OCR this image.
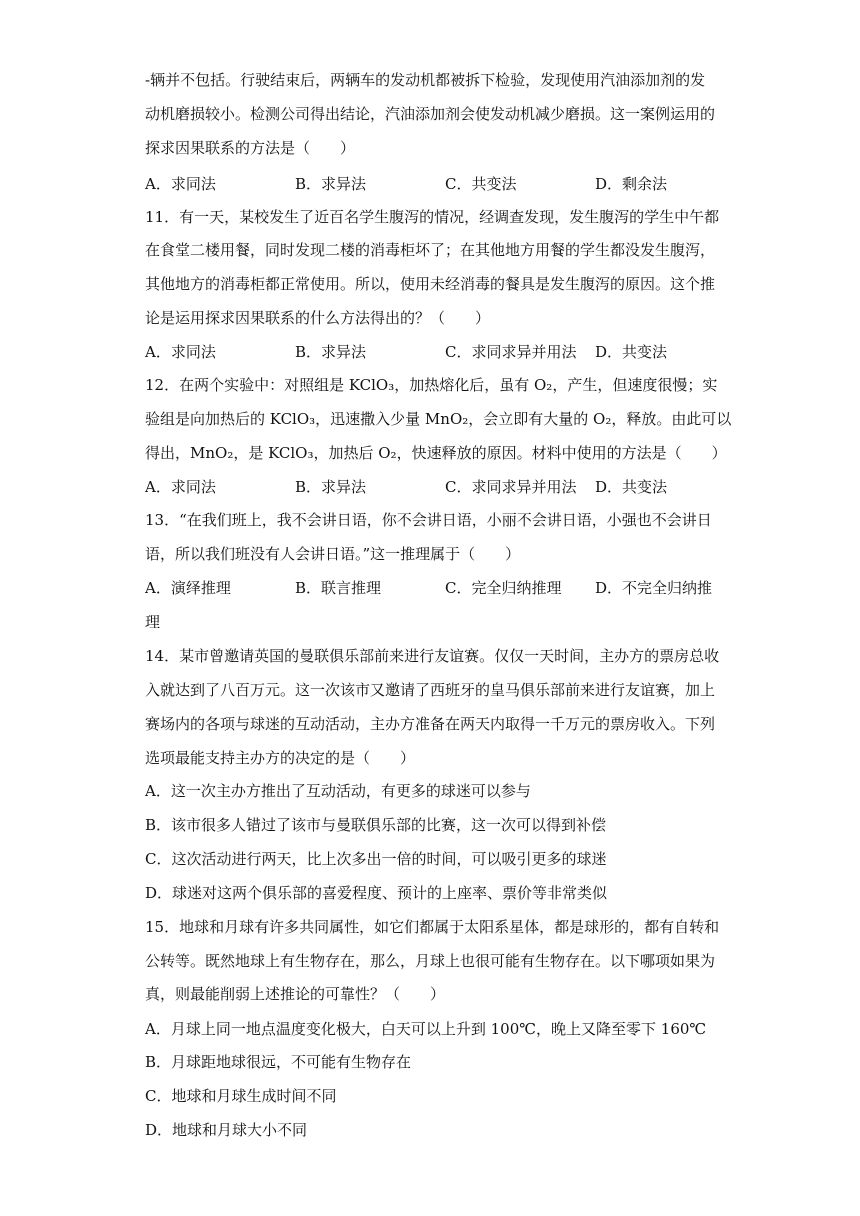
-辆并不包括。行驶结束后，两辆车的发动机都被拆下检验，发现使用汽油添加剂的发
动机磨损较小。检测公司得出结论，汽油添加剂会使发动机减少磨损。这一案例运用的
探求因果联系的方法是（　　）
A．求同法	B．求异法	C．共变法	D．剩余法
11．有一天，某校发生了近百名学生腹泻的情况，经调查发现，发生腹泻的学生中午都
在食堂二楼用餐，同时发现二楼的消毒柜坏了；在其他地方用餐的学生都没发生腹泻，
其他地方的消毒柜都正常使用。所以，使用未经消毒的餐具是发生腹泻的原因。这个推
论是运用探求因果联系的什么方法得出的？（　　）
A．求同法	B．求异法	C．求同求异并用法 D．共变法
12．在两个实验中：对照组是 KClO₃，加热熔化后，虽有 O₂，产生，但速度很慢；实
验组是向加热后的 KClO₃，迅速撒入少量 MnO₂，会立即有大量的 O₂，释放。由此可以
得出，MnO₂，是 KClO₃，加热后 O₂，快速释放的原因。材料中使用的方法是（　　）
A．求同法	B．求异法	C．求同求异并用法 D．共变法
13．“在我们班上，我不会讲日语，你不会讲日语，小丽不会讲日语，小强也不会讲日
语，所以我们班没有人会讲日语。”这一推理属于（　　）
A．演绎推理	B．联言推理	C．完全归纳推理 D．不完全归纳推
理
14．某市曾邀请英国的曼联俱乐部前来进行友谊赛。仅仅一天时间，主办方的票房总收
入就达到了八百万元。这一次该市又邀请了西班牙的皇马俱乐部前来进行友谊赛，加上
赛场内的各项与球迷的互动活动，主办方准备在两天内取得一千万元的票房收入。下列
选项最能支持主办方的决定的是（　　）
A．这一次主办方推出了互动活动，有更多的球迷可以参与
B．该市很多人错过了该市与曼联俱乐部的比赛，这一次可以得到补偿
C．这次活动进行两天，比上次多出一倍的时间，可以吸引更多的球迷
D．球迷对这两个俱乐部的喜爱程度、预计的上座率、票价等非常类似
15．地球和月球有许多共同属性，如它们都属于太阳系星体，都是球形的，都有自转和
公转等。既然地球上有生物存在，那么，月球上也很可能有生物存在。以下哪项如果为
真，则最能削弱上述推论的可靠性？（　　）
A．月球上同一地点温度变化极大，白天可以上升到 100℃，晚上又降至零下 160℃
B．月球距地球很远，不可能有生物存在
C．地球和月球生成时间不同
D．地球和月球大小不同
